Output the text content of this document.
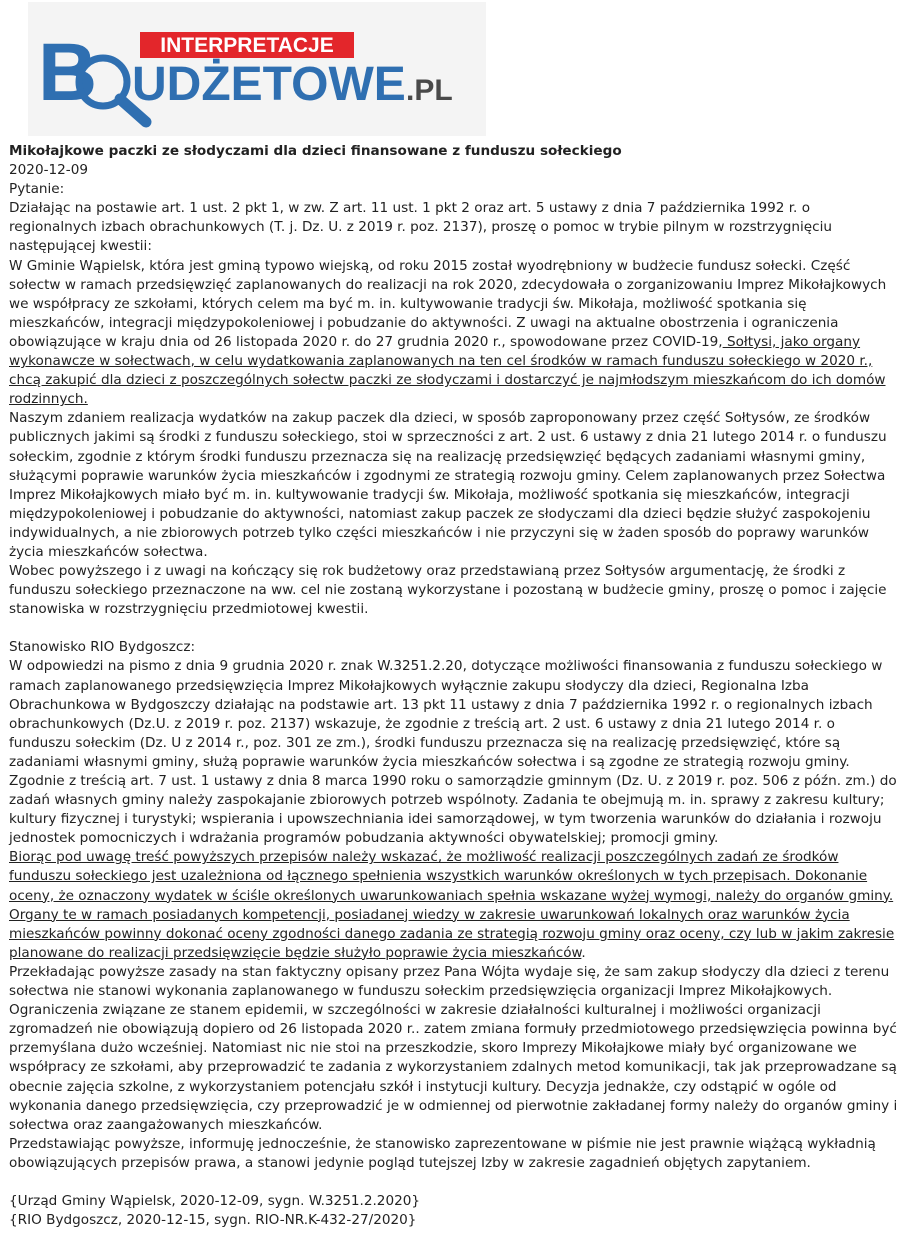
INTERPRETACJE
B UDŻETOWE .PL

Mikołajkowe paczki ze słodyczami dla dzieci finansowane z funduszu sołeckiego

2020-12-09

Pytanie:

Działając na postawie art. 1 ust. 2 pkt 1, w zw. Z art. 11 ust. 1 pkt 2 oraz art. 5 ustawy z dnia 7 października 1992 r. o regionalnych izbach obrachunkowych (T. j. Dz. U. z 2019 r. poz. 2137), proszę o pomoc w trybie pilnym w rozstrzygnięciu następującej kwestii:

W Gminie Wąpielsk, która jest gminą typowo wiejską, od roku 2015 został wyodrębniony w budżecie fundusz sołecki. Część sołectw w ramach przedsięwzięć zaplanowanych do realizacji na rok 2020, zdecydowała o zorganizowaniu Imprez Mikołajkowych we współpracy ze szkołami, których celem ma być m. in. kultywowanie tradycji św. Mikołaja, możliwość spotkania się mieszkańców, integracji międzypokoleniowej i pobudzanie do aktywności. Z uwagi na aktualne obostrzenia i ograniczenia obowiązujące w kraju dnia od 26 listopada 2020 r. do 27 grudnia 2020 r., spowodowane przez COVID-19, Sołtysi, jako organy wykonawcze w sołectwach, w celu wydatkowania zaplanowanych na ten cel środków w ramach funduszu sołeckiego w 2020 r., chcą zakupić dla dzieci z poszczególnych sołectw paczki ze słodyczami i dostarczyć je najmłodszym mieszkańcom do ich domów rodzinnych.

Naszym zdaniem realizacja wydatków na zakup paczek dla dzieci, w sposób zaproponowany przez część Sołtysów, ze środków publicznych jakimi są środki z funduszu sołeckiego, stoi w sprzeczności z art. 2 ust. 6 ustawy z dnia 21 lutego 2014 r. o funduszu sołeckim, zgodnie z którym środki funduszu przeznacza się na realizację przedsięwzięć będących zadaniami własnymi gminy, służącymi poprawie warunków życia mieszkańców i zgodnymi ze strategią rozwoju gminy. Celem zaplanowanych przez Sołectwa Imprez Mikołajkowych miało być m. in. kultywowanie tradycji św. Mikołaja, możliwość spotkania się mieszkańców, integracji międzypokoleniowej i pobudzanie do aktywności, natomiast zakup paczek ze słodyczami dla dzieci będzie służyć zaspokojeniu indywidualnych, a nie zbiorowych potrzeb tylko części mieszkańców i nie przyczyni się w żaden sposób do poprawy warunków życia mieszkańców sołectwa.

Wobec powyższego i z uwagi na kończący się rok budżetowy oraz przedstawianą przez Sołtysów argumentację, że środki z funduszu sołeckiego przeznaczone na ww. cel nie zostaną wykorzystane i pozostaną w budżecie gminy, proszę o pomoc i zajęcie stanowiska w rozstrzygnięciu przedmiotowej kwestii.

Stanowisko RIO Bydgoszcz:

W odpowiedzi na pismo z dnia 9 grudnia 2020 r. znak W.3251.2.20, dotyczące możliwości finansowania z funduszu sołeckiego w ramach zaplanowanego przedsięwzięcia Imprez Mikołajkowych wyłącznie zakupu słodyczy dla dzieci, Regionalna Izba Obrachunkowa w Bydgoszczy działając na podstawie art. 13 pkt 11 ustawy z dnia 7 października 1992 r. o regionalnych izbach obrachunkowych (Dz.U. z 2019 r. poz. 2137) wskazuje, że zgodnie z treścią art. 2 ust. 6 ustawy z dnia 21 lutego 2014 r. o funduszu sołeckim (Dz. U z 2014 r., poz. 301 ze zm.), środki funduszu przeznacza się na realizację przedsięwzięć, które są zadaniami własnymi gminy, służą poprawie warunków życia mieszkańców sołectwa i są zgodne ze strategią rozwoju gminy. Zgodnie z treścią art. 7 ust. 1 ustawy z dnia 8 marca 1990 roku o samorządzie gminnym (Dz. U. z 2019 r. poz. 506 z późn. zm.) do zadań własnych gminy należy zaspokajanie zbiorowych potrzeb wspólnoty. Zadania te obejmują m. in. sprawy z zakresu kultury; kultury fizycznej i turystyki; wspierania i upowszechniania idei samorządowej, w tym tworzenia warunków do działania i rozwoju jednostek pomocniczych i wdrażania programów pobudzania aktywności obywatelskiej; promocji gminy.

Biorąc pod uwagę treść powyższych przepisów należy wskazać, że możliwość realizacji poszczególnych zadań ze środków funduszu sołeckiego jest uzależniona od łącznego spełnienia wszystkich warunków określonych w tych przepisach. Dokonanie oceny, że oznaczony wydatek w ściśle określonych uwarunkowaniach spełnia wskazane wyżej wymogi, należy do organów gminy. Organy te w ramach posiadanych kompetencji, posiadanej wiedzy w zakresie uwarunkowań lokalnych oraz warunków życia mieszkańców powinny dokonać oceny zgodności danego zadania ze strategią rozwoju gminy oraz oceny, czy lub w jakim zakresie planowane do realizacji przedsięwzięcie będzie służyło poprawie życia mieszkańców.

Przekładając powyższe zasady na stan faktyczny opisany przez Pana Wójta wydaje się, że sam zakup słodyczy dla dzieci z terenu sołectwa nie stanowi wykonania zaplanowanego w funduszu sołeckim przedsięwzięcia organizacji Imprez Mikołajkowych. Ograniczenia związane ze stanem epidemii, w szczególności w zakresie działalności kulturalnej i możliwości organizacji zgromadzeń nie obowiązują dopiero od 26 listopada 2020 r.. zatem zmiana formuły przedmiotowego przedsięwzięcia powinna być przemyślana dużo wcześniej. Natomiast nic nie stoi na przeszkodzie, skoro Imprezy Mikołajkowe miały być organizowane we współpracy ze szkołami, aby przeprowadzić te zadania z wykorzystaniem zdalnych metod komunikacji, tak jak przeprowadzane są obecnie zajęcia szkolne, z wykorzystaniem potencjału szkół i instytucji kultury. Decyzja jednakże, czy odstąpić w ogóle od wykonania danego przedsięwzięcia, czy przeprowadzić je w odmiennej od pierwotnie zakładanej formy należy do organów gminy i sołectwa oraz zaangażowanych mieszkańców.

Przedstawiając powyższe, informuję jednocześnie, że stanowisko zaprezentowane w piśmie nie jest prawnie wiążącą wykładnią obowiązujących przepisów prawa, a stanowi jedynie pogląd tutejszej Izby w zakresie zagadnień objętych zapytaniem.

{Urząd Gminy Wąpielsk, 2020-12-09, sygn. W.3251.2.2020}

{RIO Bydgoszcz, 2020-12-15, sygn. RIO-NR.K-432-27/2020}
